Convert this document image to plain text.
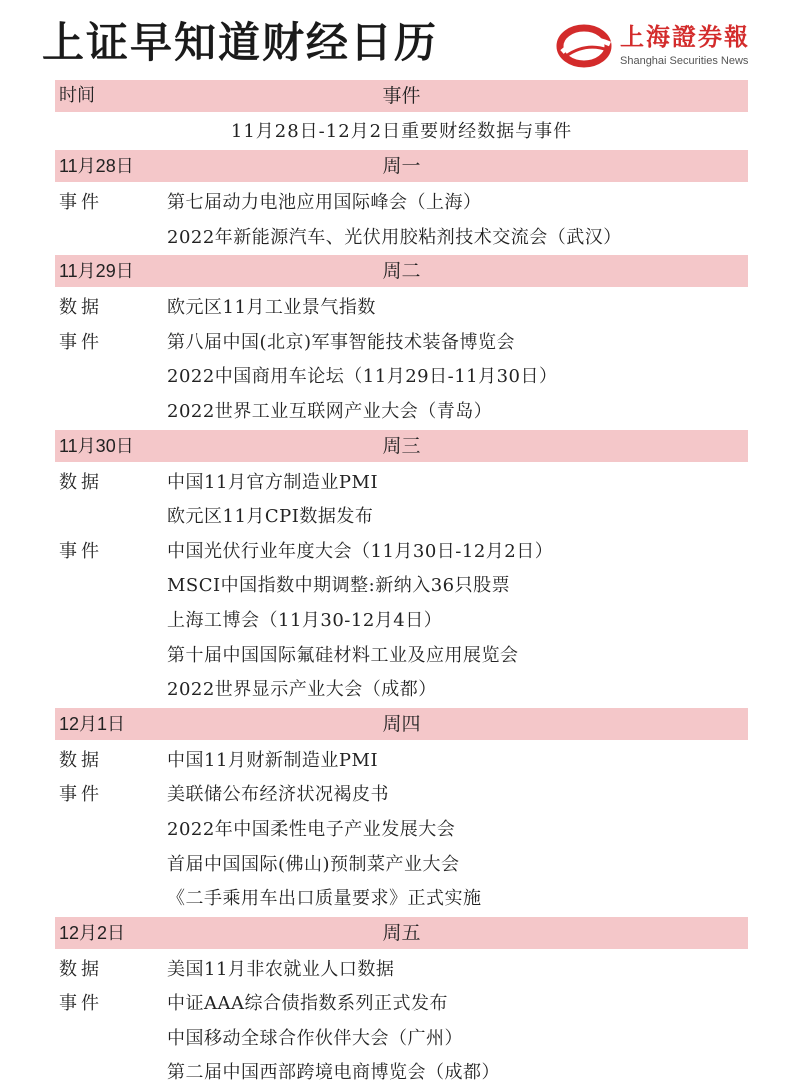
上证早知道财经日历	上海證券報
Shanghai Securities News
时间	事件
11月28日-12月2日重要财经数据与事件
11月28日	周一
事件	第七届动力电池应用国际峰会（上海）
2022年新能源汽车、光伏用胶粘剂技术交流会（武汉）
11月29日	周二
数据	欧元区11月工业景气指数
事件	第八届中国(北京)军事智能技术装备博览会
2022中国商用车论坛（11月29日-11月30日）
2022世界工业互联网产业大会（青岛）
11月30日	周三
数据	中国11月官方制造业PMI
欧元区11月CPI数据发布
事件	中国光伏行业年度大会（11月30日-12月2日）
MSCI中国指数中期调整:新纳入36只股票
上海工博会（11月30-12月4日）
第十届中国国际氟硅材料工业及应用展览会
2022世界显示产业大会（成都）
12月1日	周四
数据	中国11月财新制造业PMI
事件	美联储公布经济状况褐皮书
2022年中国柔性电子产业发展大会
首届中国国际(佛山)预制菜产业大会
《二手乘用车出口质量要求》正式实施
12月2日	周五
数据	美国11月非农就业人口数据
事件	中证AAA综合债指数系列正式发布
中国移动全球合作伙伴大会（广州）
第二届中国西部跨境电商博览会（成都）
